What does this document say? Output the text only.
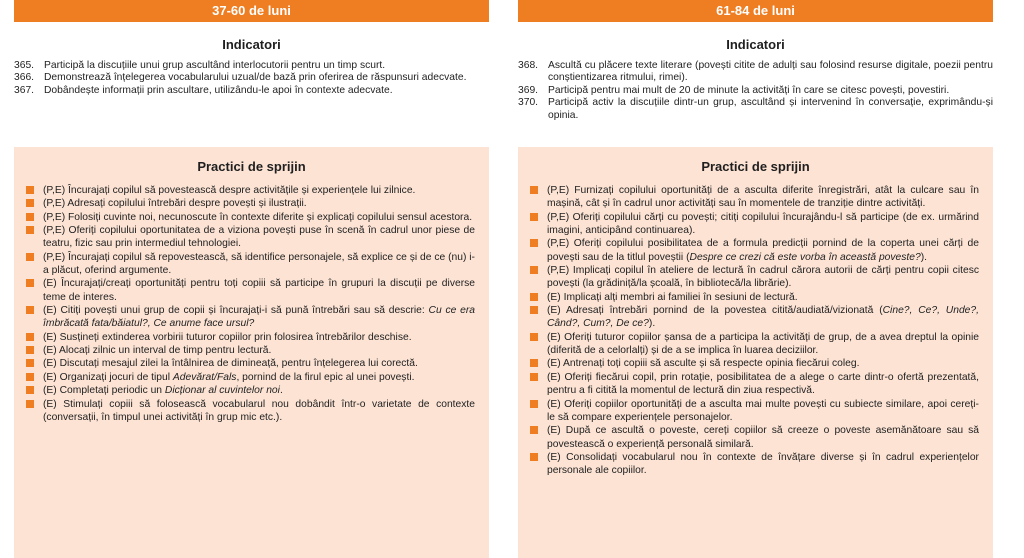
37-60 de luni
Indicatori
365. Participă la discuțiile unui grup ascultând interlocutorii pentru un timp scurt.
366. Demonstrează înțelegerea vocabularului uzual/de bază prin oferirea de răspunsuri adecvate.
367. Dobândește informații prin ascultare, utilizându-le apoi în contexte adecvate.
Practici de sprijin
(P,E) Încurajați copilul să povestească despre activitățile și experiențele lui zilnice.
(P,E) Adresați copilului întrebări despre povești și ilustrații.
(P,E) Folosiți cuvinte noi, necunoscute în contexte diferite și explicați copilului sensul acestora.
(P,E) Oferiți copilului oportunitatea de a viziona povești puse în scenă în cadrul unor piese de teatru, fizic sau prin intermediul tehnologiei.
(P,E) Încurajați copilul să repovestească, să identifice personajele, să explice ce și de ce (nu) i-a plăcut, oferind argumente.
(E) Încurajați/creați oportunități pentru toți copiii să participe în grupuri la discuții pe diverse teme de interes.
(E) Citiți povești unui grup de copii și încurajați-i să pună întrebări sau să descrie: Cu ce era îmbrăcată fata/băiatul?, Ce anume face ursul?
(E) Susțineți extinderea vorbirii tuturor copiilor prin folosirea întrebărilor deschise.
(E) Alocați zilnic un interval de timp pentru lectură.
(E) Discutați mesajul zilei la întâlnirea de dimineață, pentru înțelegerea lui corectă.
(E) Organizați jocuri de tipul Adevărat/Fals, pornind de la firul epic al unei povești.
(E) Completați periodic un Dicționar al cuvintelor noi.
(E) Stimulați copiii să folosească vocabularul nou dobândit într-o varietate de contexte (conversații, în timpul unei activități în grup mic etc.).
61-84 de luni
Indicatori
368. Ascultă cu plăcere texte literare (povești citite de adulți sau folosind resurse digitale, poezii pentru conștientizarea ritmului, rimei).
369. Participă pentru mai mult de 20 de minute la activități în care se citesc povești, povestiri.
370. Participă activ la discuțiile dintr-un grup, ascultând și intervenind în conversație, exprimându-și opinia.
Practici de sprijin
(P,E) Furnizați copilului oportunități de a asculta diferite înregistrări, atât la culcare sau în mașină, cât și în cadrul unor activități sau în momentele de tranziție dintre activități.
(P,E) Oferiți copilului cărți cu povești; citiți copilului încurajându-l să participe (de ex. urmărind imagini, anticipând continuarea).
(P,E) Oferiți copilului posibilitatea de a formula predicții pornind de la coperta unei cărți de povești sau de la titlul poveștii (Despre ce crezi că este vorba în această poveste?).
(P,E) Implicați copilul în ateliere de lectură în cadrul cărora autorii de cărți pentru copii citesc povești (la grădiniță/la școală, în bibliotecă/la librărie).
(E) Implicați alți membri ai familiei în sesiuni de lectură.
(E) Adresați întrebări pornind de la povestea citită/audiată/vizionată (Cine?, Ce?, Unde?, Când?, Cum?, De ce?).
(E) Oferiți tuturor copiilor șansa de a participa la activități de grup, de a avea dreptul la opinie (diferită de a celorlalți) și de a se implica în luarea deciziilor.
(E) Antrenați toți copiii să asculte și să respecte opinia fiecărui coleg.
(E) Oferiți fiecărui copil, prin rotație, posibilitatea de a alege o carte dintr-o ofertă prezentată, pentru a fi citită la momentul de lectură din ziua respectivă.
(E) Oferiți copiilor oportunități de a asculta mai multe povești cu subiecte similare, apoi cereți-le să compare experiențele personajelor.
(E) După ce ascultă o poveste, cereți copiilor să creeze o poveste asemănătoare sau să povestească o experiență personală similară.
(E) Consolidați vocabularul nou în contexte de învățare diverse și în cadrul experiențelor personale ale copiilor.
